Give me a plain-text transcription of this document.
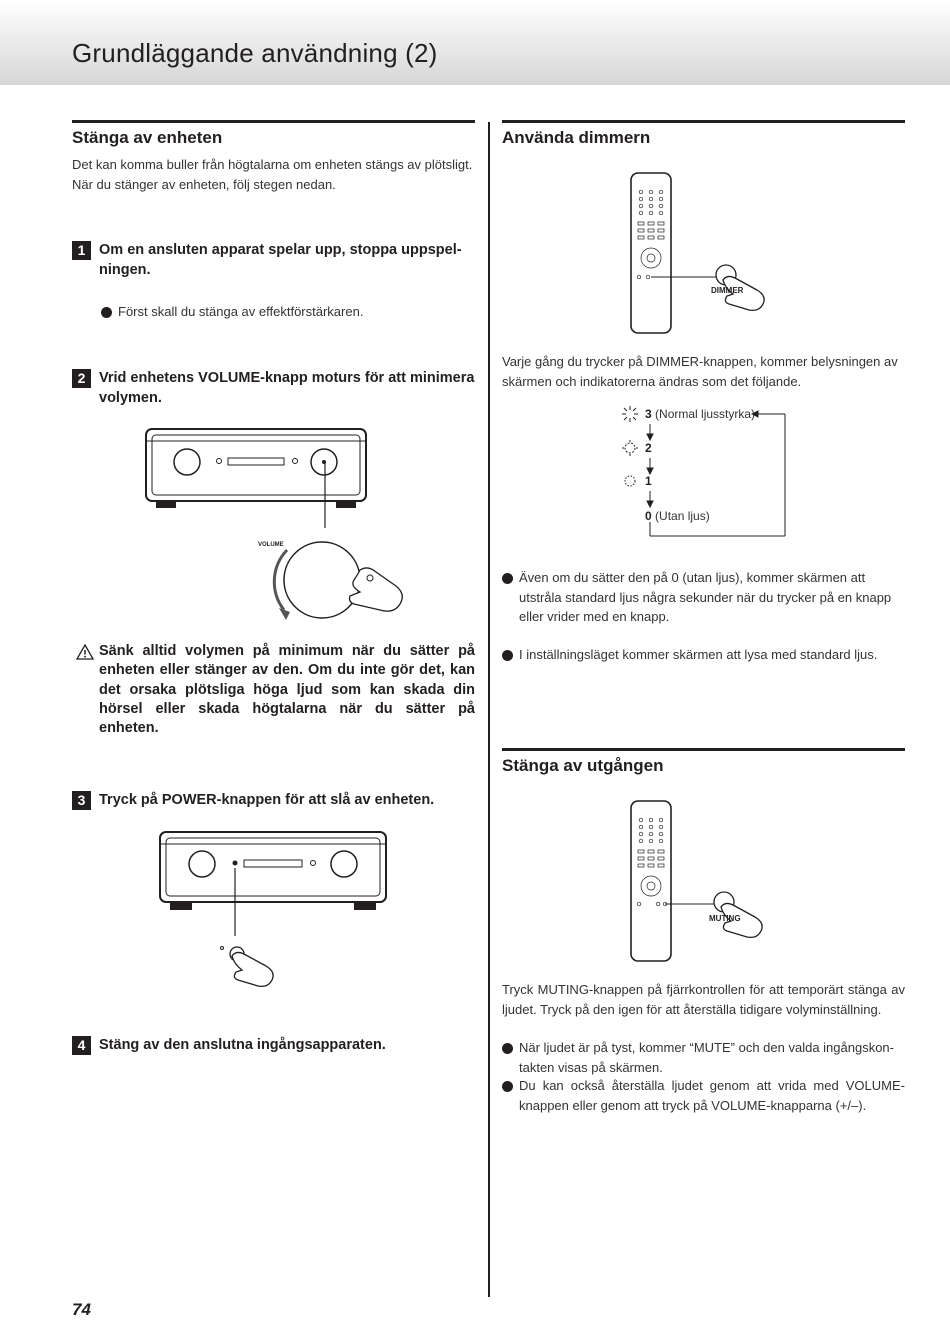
Grundläggande användning (2)
Stänga av enheten
Det kan komma buller från högtalarna om enheten stängs av plötsligt. När du stänger av enheten, följ stegen nedan.
1 Om en ansluten apparat spelar upp, stoppa uppspel-ningen.
Först skall du stänga av effektförstärkaren.
2 Vrid enhetens VOLUME-knapp moturs för att minimera volymen.
VOLUME
Sänk alltid volymen på minimum när du sätter på enheten eller stänger av den. Om du inte gör det, kan det orsaka plötsliga höga ljud som kan skada din hörsel eller skada högtalarna när du sätter på enheten.
3 Tryck på POWER-knappen för att slå av enheten.
4 Stäng av den anslutna ingångsapparaten.
74
Använda dimmern
DIMMER
Varje gång du trycker på DIMMER-knappen, kommer belysningen av skärmen och indikatorerna ändras som det följande.
3 (Normal ljusstyrka)
2
1
0 (Utan ljus)
Även om du sätter den på 0 (utan ljus), kommer skärmen att utstråla standard ljus några sekunder när du trycker på en knapp eller vrider med en knapp.
I inställningsläget kommer skärmen att lysa med standard ljus.
Stänga av utgången
MUTING
Tryck MUTING-knappen på fjärrkontrollen för att temporärt stänga av ljudet. Tryck på den igen för att återställa tidigare volyminställning.
När ljudet är på tyst, kommer “MUTE” och den valda ingångskon-takten visas på skärmen.
Du kan också återställa ljudet genom att vrida med VOLUME-knappen eller genom att tryck på VOLUME-knapparna (+/–).
